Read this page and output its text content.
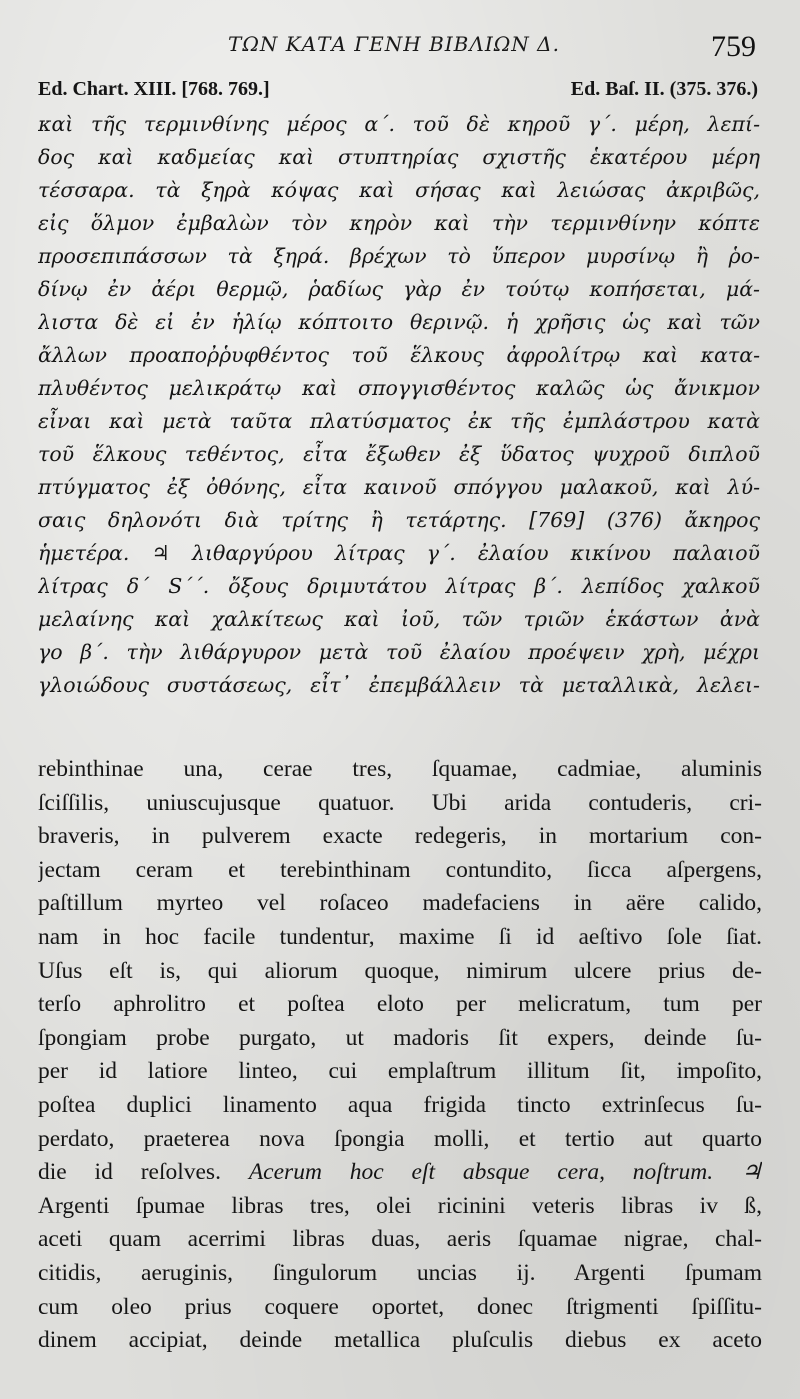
ΤΩΝ ΚΑΤΑ ΓΕΝΗ ΒΙΒΛΙΩΝ Δ.	759
Ed. Chart. XIII. [768. 769.]	Ed. Baſ. II. (375. 376.)
καὶ τῆς τερμινθίνης μέρος α΄. τοῦ δὲ κηροῦ γ΄. μέρη, λεπί-
δος καὶ καδμείας καὶ στυπτηρίας σχιστῆς ἑκατέρου μέρη
τέσσαρα. τὰ ξηρὰ κόψας καὶ σήσας καὶ λειώσας ἀκριβῶς,
εἰς ὅλμον ἐμβαλὼν τὸν κηρὸν καὶ τὴν τερμινθίνην κόπτε
προσεπιπάσσων τὰ ξηρά. βρέχων τὸ ὕπερον μυρσίνῳ ἢ ῥο-
δίνῳ ἐν ἀέρι θερμῷ, ῥαδίως γὰρ ἐν τούτῳ κοπήσεται, μά-
λιστα δὲ εἰ ἐν ἡλίῳ κόπτοιτο θερινῷ. ἡ χρῆσις ὡς καὶ τῶν
ἄλλων προαποῤῥυφθέντος τοῦ ἕλκους ἀφρολίτρῳ καὶ κατα-
πλυθέντος μελικράτῳ καὶ σπογγισθέντος καλῶς ὡς ἄνικμον
εἶναι καὶ μετὰ ταῦτα πλατύσματος ἐκ τῆς ἐμπλάστρου κατὰ
τοῦ ἕλκους τεθέντος, εἶτα ἔξωθεν ἐξ ὕδατος ψυχροῦ διπλοῦ
πτύγματος ἐξ ὀθόνης, εἶτα καινοῦ σπόγγου μαλακοῦ, καὶ λύ-
σαις δηλονότι διὰ τρίτης ἢ τετάρτης. [769] (376) ἄκηρος
ἡμετέρα. ♃ λιθαργύρου λίτρας γ΄. ἐλαίου κικίνου παλαιοῦ
λίτρας δ΄ S΄΄. ὄξους δριμυτάτου λίτρας β΄. λεπίδος χαλκοῦ
μελαίνης καὶ χαλκίτεως καὶ ἰοῦ, τῶν τριῶν ἑκάστων ἀνὰ
γο β΄. τὴν λιθάργυρον μετὰ τοῦ ἐλαίου προέψειν χρὴ, μέχρι
γλοιώδους συστάσεως, εἶτ᾽ ἐπεμβάλλειν τὰ μεταλλικὰ, λελει-
rebinthinae una, cerae tres, ſquamae, cadmiae, aluminis
ſciſſilis, uniuscujusque quatuor. Ubi arida contuderis, cri-
braveris, in pulverem exacte redegeris, in mortarium con-
jectam ceram et terebinthinam contundito, ſicca aſpergens,
paſtillum myrteo vel roſaceo madefaciens in aëre calido,
nam in hoc facile tundentur, maxime ſi id aeſtivo ſole ſiat.
Uſus eſt is, qui aliorum quoque, nimirum ulcere prius de-
terſo aphrolitro et poſtea eloto per melicratum, tum per
ſpongiam probe purgato, ut madoris ſit expers, deinde ſu-
per id latiore linteo, cui emplaſtrum illitum ſit, impoſito,
poſtea duplici linamento aqua frigida tincto extrinſecus ſu-
perdato, praeterea nova ſpongia molli, et tertio aut quarto
die id reſolves. Acerum hoc eſt absque cera, noſtrum. ♃
Argenti ſpumae libras tres, olei ricinini veteris libras iv ß,
aceti quam acerrimi libras duas, aeris ſquamae nigrae, chal-
citidis, aeruginis, ſingulorum uncias ij. Argenti ſpumam
cum oleo prius coquere oportet, donec ſtrigmenti ſpiſſitu-
dinem accipiat, deinde metallica pluſculis diebus ex aceto
